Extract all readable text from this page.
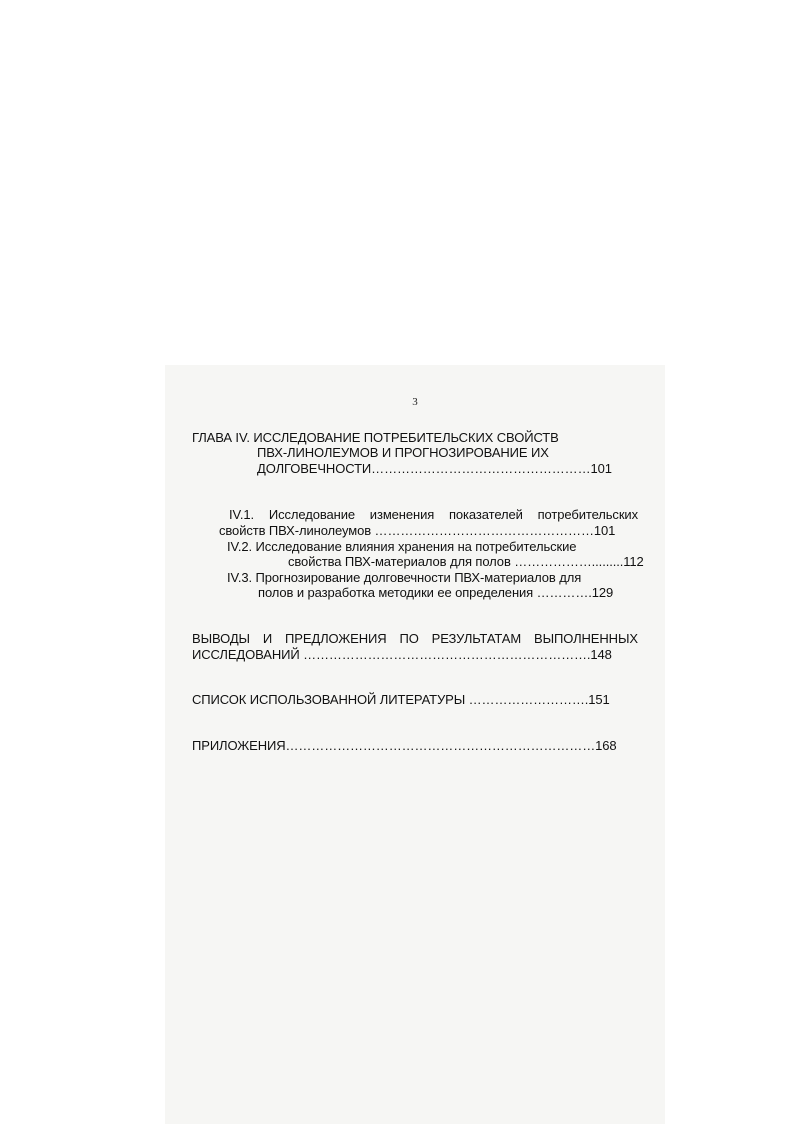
3
ГЛАВА IV. ИССЛЕДОВАНИЕ ПОТРЕБИТЕЛЬСКИХ СВОЙСТВ
ПВХ-ЛИНОЛЕУМОВ И ПРОГНОЗИРОВАНИЕ ИХ
ДОЛГОВЕЧНОСТИ……………………………………………101
IV.1. Исследование изменения показателей потребительских
свойств ПВХ-линолеумов ……………………………………………101
IV.2. Исследование влияния хранения на потребительские
свойства ПВХ-материалов для полов ……………….........112
IV.3. Прогнозирование долговечности ПВХ-материалов для
полов и разработка методики ее определения ………….129
ВЫВОДЫ И ПРЕДЛОЖЕНИЯ ПО РЕЗУЛЬТАТАМ ВЫПОЛНЕННЫХ
ИССЛЕДОВАНИЙ ………………………………………………………….148
СПИСОК ИСПОЛЬЗОВАННОЙ ЛИТЕРАТУРЫ ……………………….151
ПРИЛОЖЕНИЯ………………………………………………………………168
